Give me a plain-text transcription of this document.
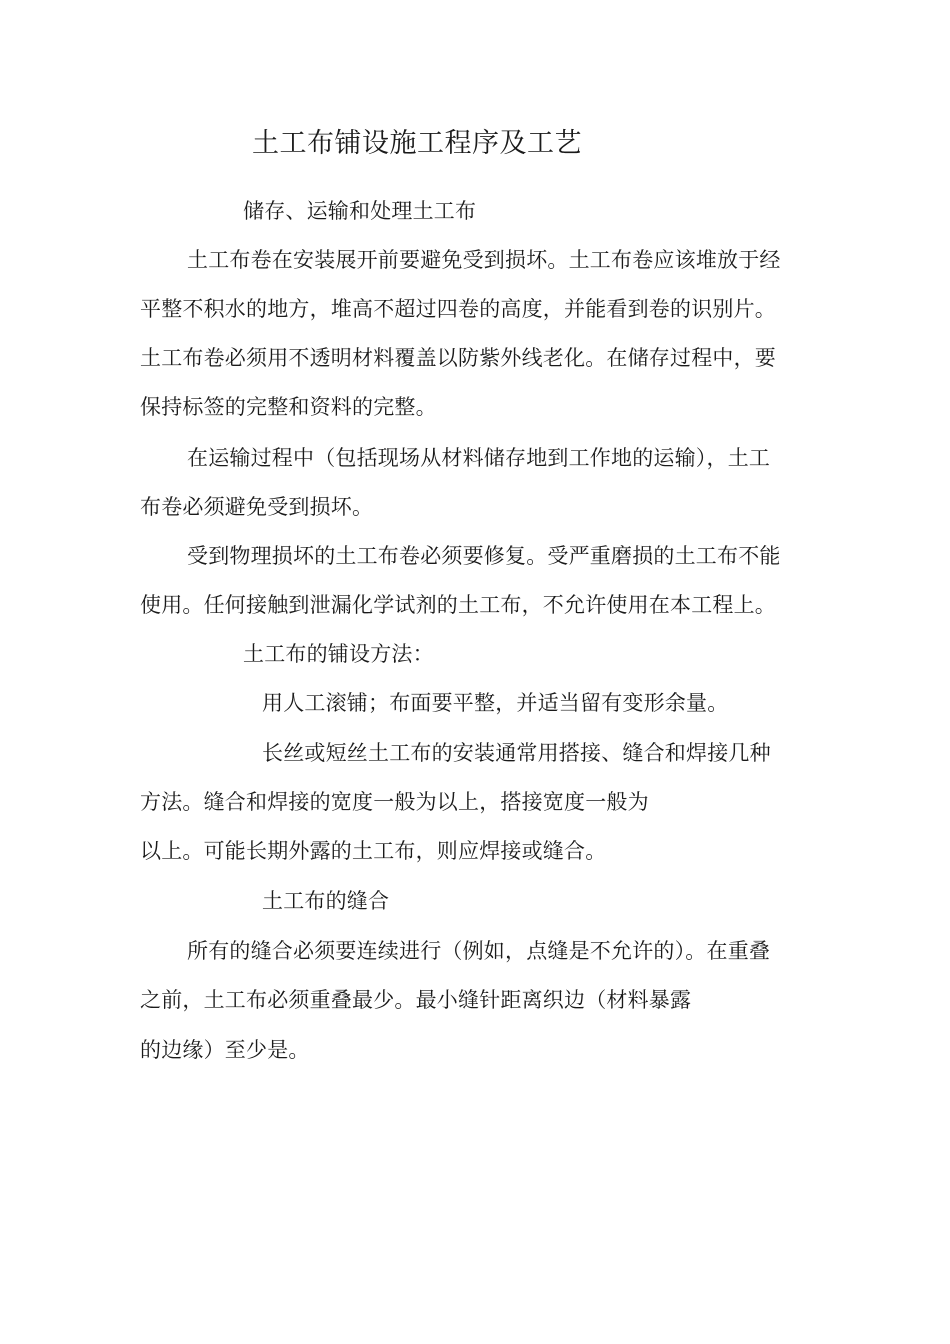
土工布铺设施工程序及工艺
储存、运输和处理土工布
土工布卷在安装展开前要避免受到损坏。土工布卷应该堆放于经
平整不积水的地方，堆高不超过四卷的高度，并能看到卷的识别片。
土工布卷必须用不透明材料覆盖以防紫外线老化。在储存过程中，要
保持标签的完整和资料的完整。
在运输过程中（包括现场从材料储存地到工作地的运输），土工
布卷必须避免受到损坏。
受到物理损坏的土工布卷必须要修复。受严重磨损的土工布不能
使用。任何接触到泄漏化学试剂的土工布，不允许使用在本工程上。
土工布的铺设方法：
用人工滚铺；布面要平整，并适当留有变形余量。
长丝或短丝土工布的安装通常用搭接、缝合和焊接几种
方法。缝合和焊接的宽度一般为以上，搭接宽度一般为
以上。可能长期外露的土工布，则应焊接或缝合。
土工布的缝合
所有的缝合必须要连续进行（例如，点缝是不允许的）。在重叠
之前，土工布必须重叠最少。最小缝针距离织边（材料暴露
的边缘）至少是。
